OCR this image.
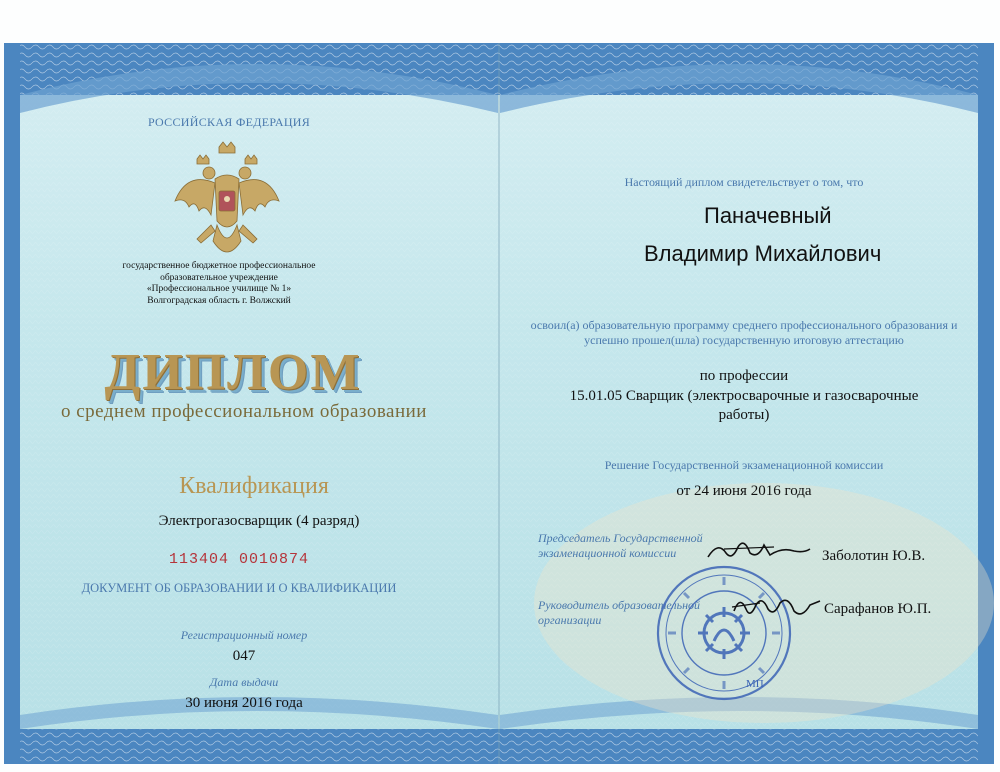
РОССИЙСКАЯ ФЕДЕРАЦИЯ
государственное бюджетное профессиональное
образовательное учреждение
«Профессиональное училище № 1»
Волгоградская область г. Волжский
ДИПЛОМ
о среднем профессиональном образовании
Квалификация
Электрогазосварщик (4 разряд)
113404 0010874
ДОКУМЕНТ ОБ ОБРАЗОВАНИИ И О КВАЛИФИКАЦИИ
Регистрационный номер
047
Дата выдачи
30 июня 2016 года
Настоящий диплом свидетельствует о том, что
Паначевный
Владимир Михайлович
освоил(а) образовательную программу среднего профессионального образования и успешно прошел(шла) государственную итоговую аттестацию
по профессии
15.01.05 Сварщик (электросварочные и газосварочные работы)
Решение Государственной экзаменационной комиссии
от 24 июня 2016 года
Председатель Государственной экзаменационной комиссии	Заболотин Ю.В.
Руководитель образовательной организации
Сарафанов Ю.П.
МП
